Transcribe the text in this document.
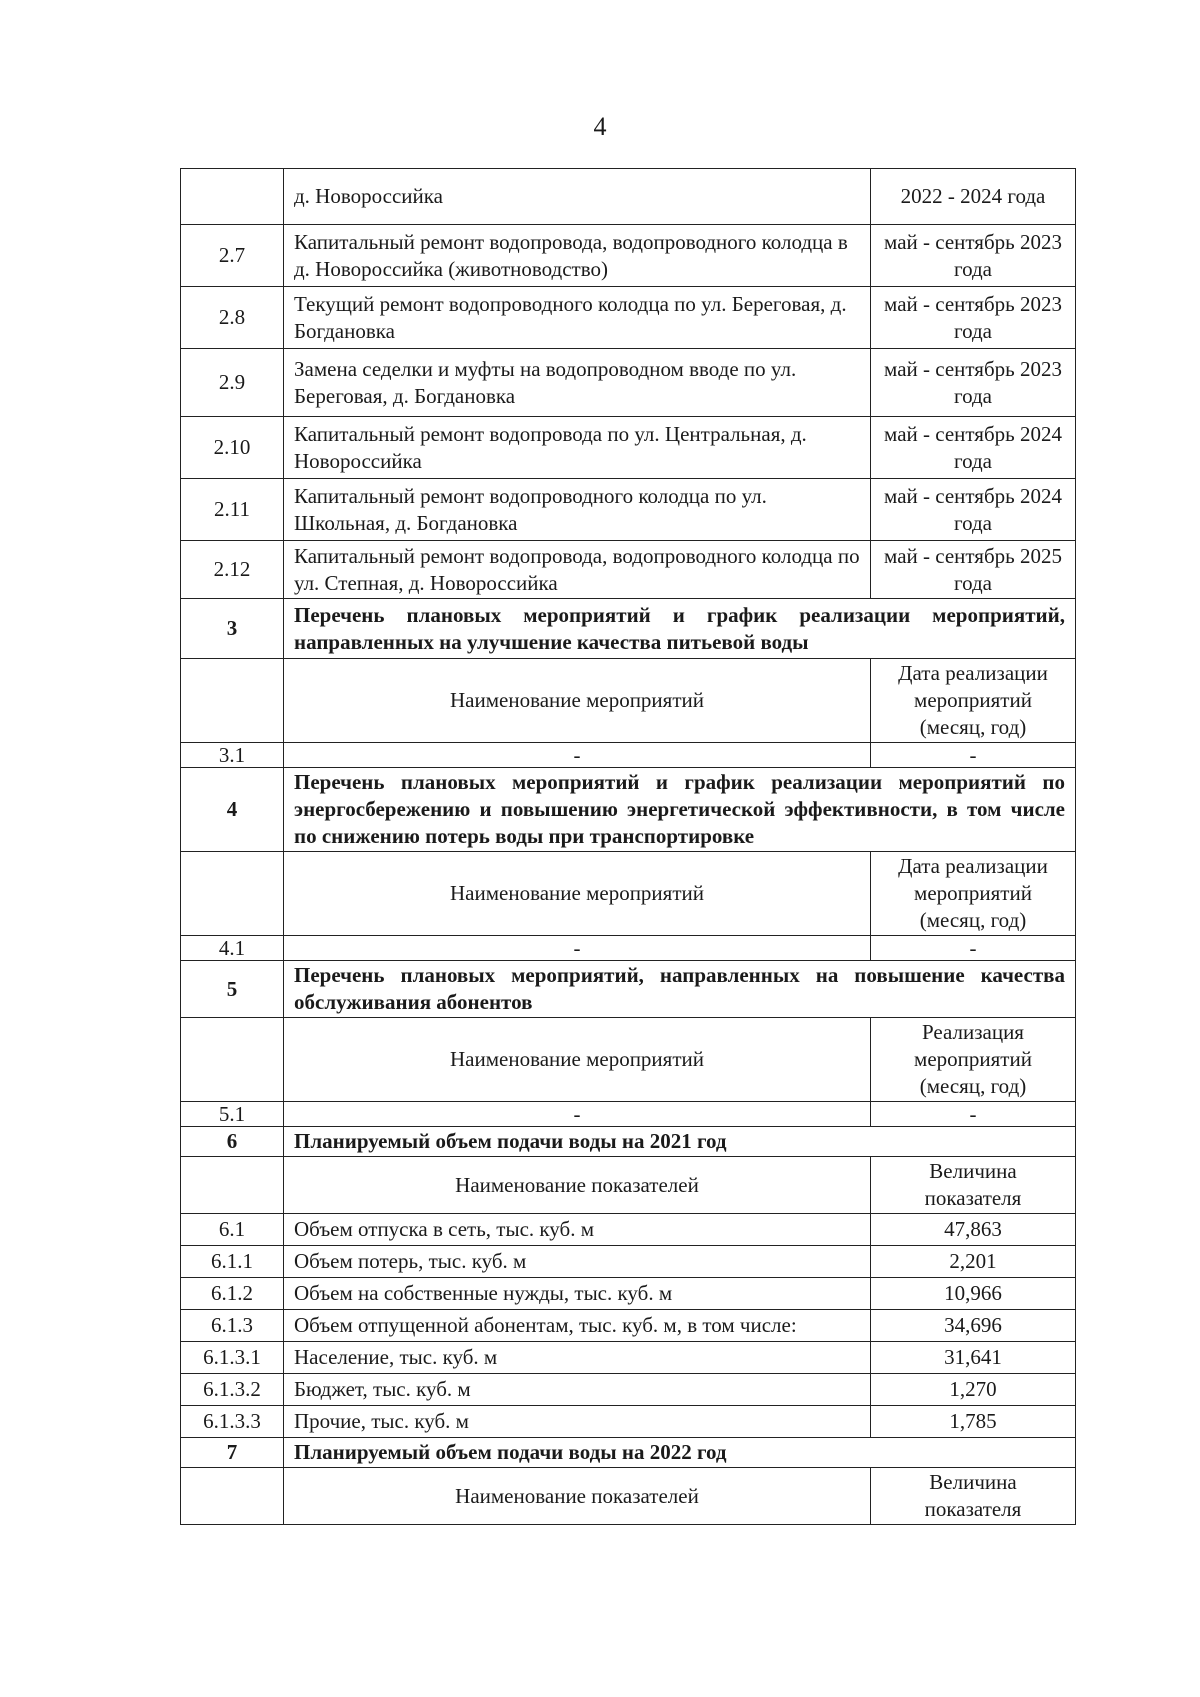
4
	д. Новороссийка	2022 - 2024 года
2.7	Капитальный ремонт водопровода, водопроводного колодца в д. Новороссийка (животноводство)	май - сентябрь 2023 года
2.8	Текущий ремонт водопроводного колодца по ул. Береговая, д. Богдановка	май - сентябрь 2023 года
2.9	Замена седелки и муфты на водопроводном вводе по ул. Береговая, д. Богдановка	май - сентябрь 2023 года
2.10	Капитальный ремонт водопровода по ул. Центральная, д. Новороссийка	май - сентябрь 2024 года
2.11	Капитальный ремонт водопроводного колодца по ул. Школьная, д. Богдановка	май - сентябрь 2024 года
2.12	Капитальный ремонт водопровода, водопроводного колодца по ул. Степная, д. Новороссийка	май - сентябрь 2025 года
3	Перечень плановых мероприятий и график реализации мероприятий, направленных на улучшение качества питьевой воды	
	Наименование мероприятий	Дата реализации мероприятий (месяц, год)
3.1	-	-
4	Перечень плановых мероприятий и график реализации мероприятий по энергосбережению и повышению энергетической эффективности, в том числе по снижению потерь воды при транспортировке	
	Наименование мероприятий	Дата реализации мероприятий (месяц, год)
4.1	-	-
5	Перечень плановых мероприятий, направленных на повышение качества обслуживания абонентов	
	Наименование мероприятий	Реализация мероприятий (месяц, год)
5.1	-	-
6	Планируемый объем подачи воды на 2021 год	
	Наименование показателей	Величина показателя
6.1	Объем отпуска в сеть, тыс. куб. м	47,863
6.1.1	Объем потерь, тыс. куб. м	2,201
6.1.2	Объем на собственные нужды, тыс. куб. м	10,966
6.1.3	Объем отпущенной абонентам, тыс. куб. м, в том числе:	34,696
6.1.3.1	Население, тыс. куб. м	31,641
6.1.3.2	Бюджет, тыс. куб. м	1,270
6.1.3.3	Прочие, тыс. куб. м	1,785
7	Планируемый объем подачи воды на 2022 год	
	Наименование показателей	Величина показателя
